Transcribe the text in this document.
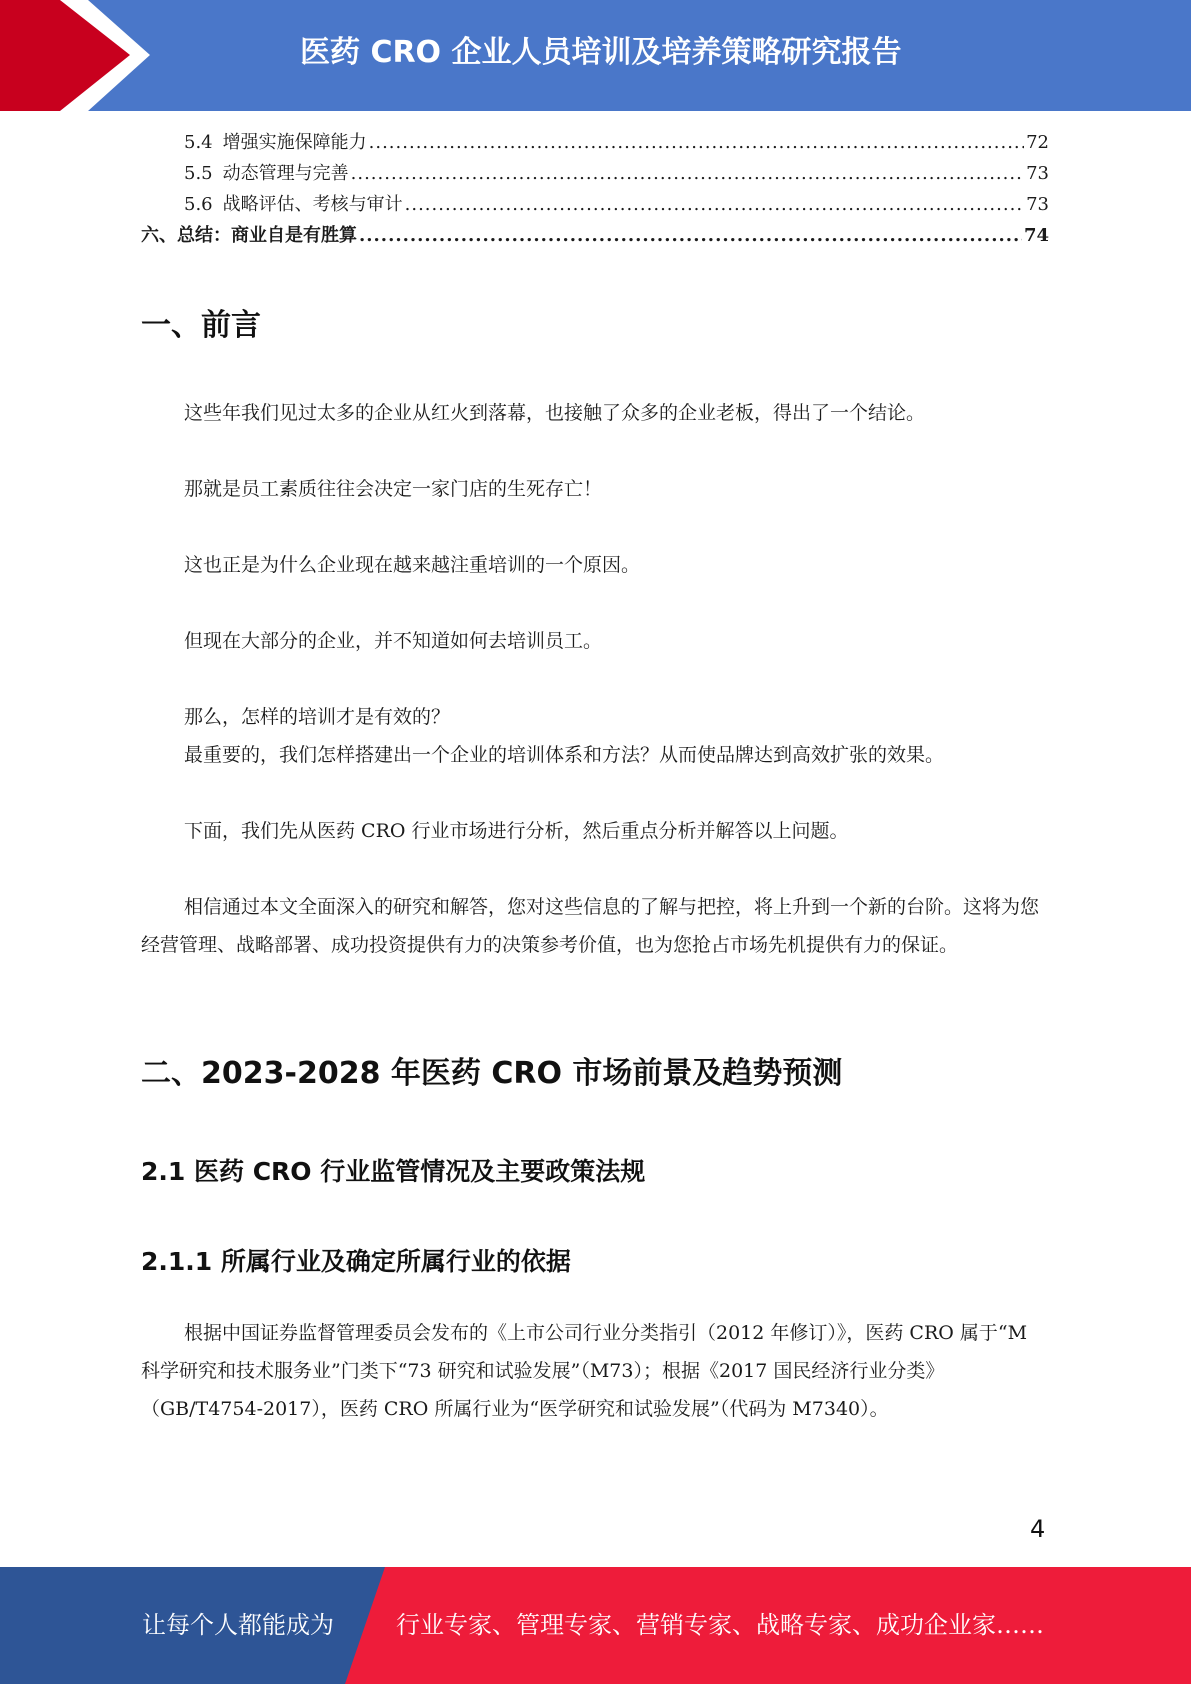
医药 CRO 企业人员培训及培养策略研究报告
5.4 增强实施保障能力 .....	72
5.5 动态管理与完善 .....	73
5.6 战略评估、考核与审计 .....	73
六、总结：商业自是有胜算 .....	74
一、前言
这些年我们见过太多的企业从红火到落幕，也接触了众多的企业老板，得出了一个结论。
那就是员工素质往往会决定一家门店的生死存亡！
这也正是为什么企业现在越来越注重培训的一个原因。
但现在大部分的企业，并不知道如何去培训员工。
那么，怎样的培训才是有效的？
最重要的，我们怎样搭建出一个企业的培训体系和方法？从而使品牌达到高效扩张的效果。
下面，我们先从医药 CRO 行业市场进行分析，然后重点分析并解答以上问题。
相信通过本文全面深入的研究和解答，您对这些信息的了解与把控，将上升到一个新的台阶。这将为您经营管理、战略部署、成功投资提供有力的决策参考价值，也为您抢占市场先机提供有力的保证。
二、2023-2028 年医药 CRO 市场前景及趋势预测
2.1 医药 CRO 行业监管情况及主要政策法规
2.1.1 所属行业及确定所属行业的依据
根据中国证券监督管理委员会发布的《上市公司行业分类指引（2012 年修订）》，医药 CRO 属于“M 科学研究和技术服务业”门类下“73 研究和试验发展”（M73）；根据《2017 国民经济行业分类》（GB/T4754-2017），医药 CRO 所属行业为“医学研究和试验发展”（代码为 M7340）。
4
让每个人都能成为	行业专家、管理专家、营销专家、战略专家、成功企业家……
